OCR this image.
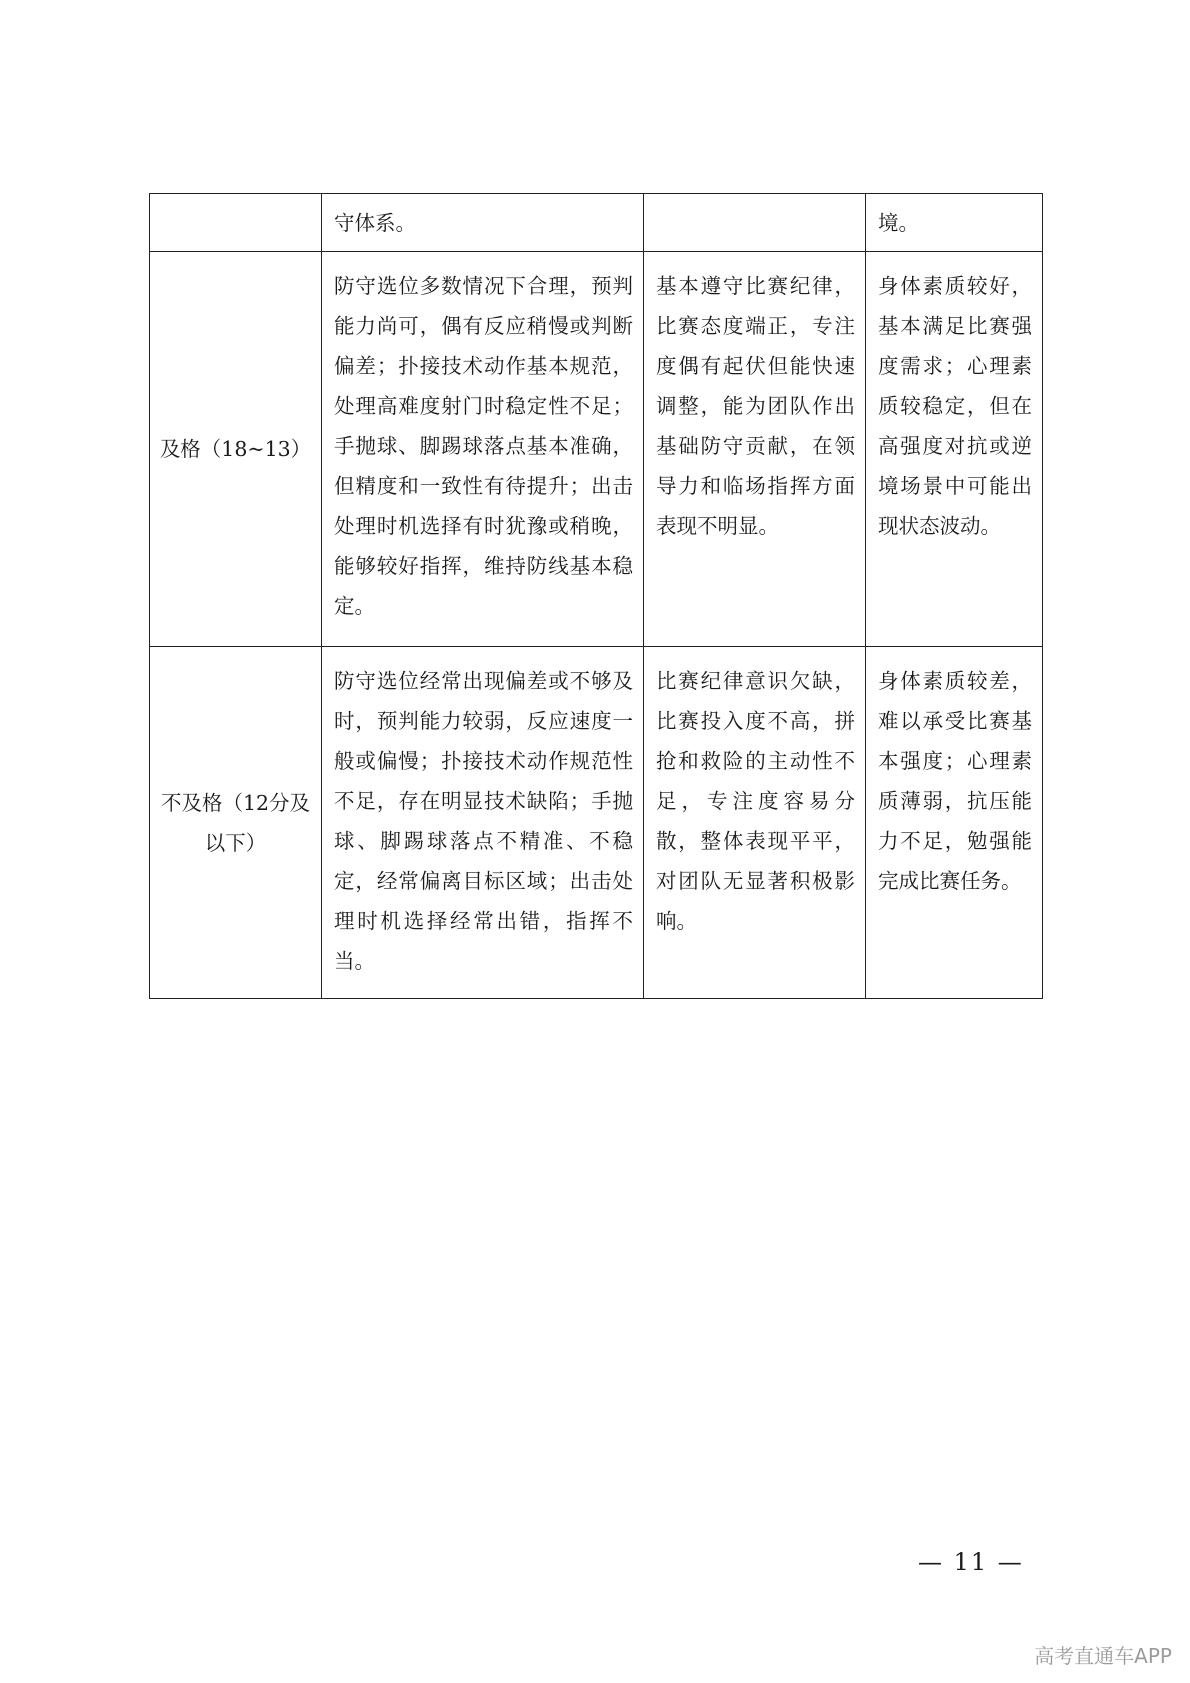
	守体系。		境。
及格（18~13）	防守选位多数情况下合理，预判能力尚可，偶有反应稍慢或判断偏差；扑接技术动作基本规范，处理高难度射门时稳定性不足；手抛球、脚踢球落点基本准确，但精度和一致性有待提升；出击处理时机选择有时犹豫或稍晚，能够较好指挥，维持防线基本稳定。	基本遵守比赛纪律，比赛态度端正，专注度偶有起伏但能快速调整，能为团队作出基础防守贡献，在领导力和临场指挥方面表现不明显。	身体素质较好，基本满足比赛强度需求；心理素质较稳定，但在高强度对抗或逆境场景中可能出现状态波动。
不及格（12分及以下）	防守选位经常出现偏差或不够及时，预判能力较弱，反应速度一般或偏慢；扑接技术动作规范性不足，存在明显技术缺陷；手抛球、脚踢球落点不精准、不稳定，经常偏离目标区域；出击处理时机选择经常出错，指挥不当。	比赛纪律意识欠缺，比赛投入度不高，拼抢和救险的主动性不足，专注度容易分散，整体表现平平，对团队无显著积极影响。	身体素质较差，难以承受比赛基本强度；心理素质薄弱，抗压能力不足，勉强能完成比赛任务。
— 11 —
高考直通车APP
